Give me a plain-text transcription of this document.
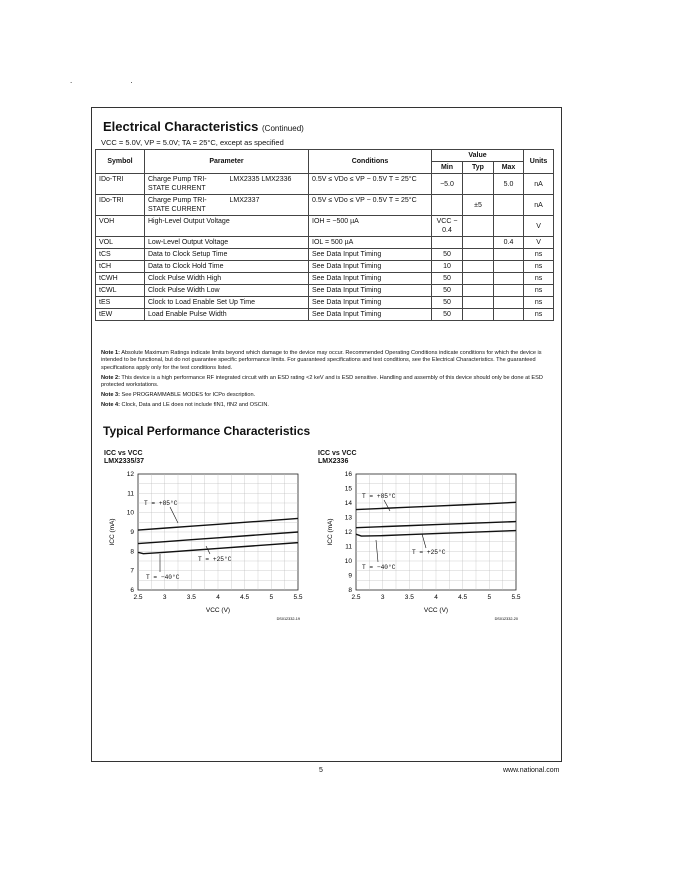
. .
Electrical Characteristics (Continued)
VCC = 5.0V, VP = 5.0V; TA = 25°C, except as specified
Symbol	Parameter		Conditions	Value			Units
				Min	Typ	Max	
IDo-TRI	Charge Pump TRI-STATE CURRENT	LMX2335 LMX2336	0.5V ≤ VDo ≤ VP − 0.5V T = 25°C	−5.0		5.0	nA
IDo-TRI	Charge Pump TRI-STATE CURRENT	LMX2337	0.5V ≤ VDo ≤ VP − 0.5V T = 25°C		±5		nA
VOH	High-Level Output Voltage		IOH = −500 µA	VCC − 0.4			V
VOL	Low-Level Output Voltage		IOL = 500 µA			0.4	V
tCS	Data to Clock Setup Time		See Data Input Timing	50			ns
tCH	Data to Clock Hold Time		See Data Input Timing	10			ns
tCWH	Clock Pulse Width High		See Data Input Timing	50			ns
tCWL	Clock Pulse Width Low		See Data Input Timing	50			ns
tES	Clock to Load Enable Set Up Time		See Data Input Timing	50			ns
tEW	Load Enable Pulse Width		See Data Input Timing	50			ns

Note 1: Absolute Maximum Ratings indicate limits beyond which damage to the device may occur. Recommended Operating Conditions indicate conditions for which the device is intended to be functional, but do not guarantee specific performance limits. For guaranteed specifications and test conditions, see the Electrical Characteristics. The guaranteed specifications apply only for the test conditions listed.

Note 2: This device is a high performance RF integrated circuit with an ESD rating <2 keV and is ESD sensitive. Handling and assembly of this device should only be done at ESD protected workstations.

Note 3: See PROGRAMMABLE MODES for ICPo description.

Note 4: Clock, Data and LE does not include fIN1, fIN2 and OSCIN.

Typical Performance Characteristics
ICC vs VCC
LMX2335/37
ICC vs VCC
LMX2336
2.5	3	3.5	4	4.5	5	5.5
6
7
8
9
10
11
12
VCC (V)
ICC (mA)
T = +85°C
T = +25°C
T = −40°C
DS012332-19
2.5	3	3.5	4	4.5	5	5.5
8
9
10
11
12
13
14
15
16
VCC (V)
ICC (mA)
T = +85°C
T = +25°C
T = −40°C
DS012332-20
5	www.national.com
